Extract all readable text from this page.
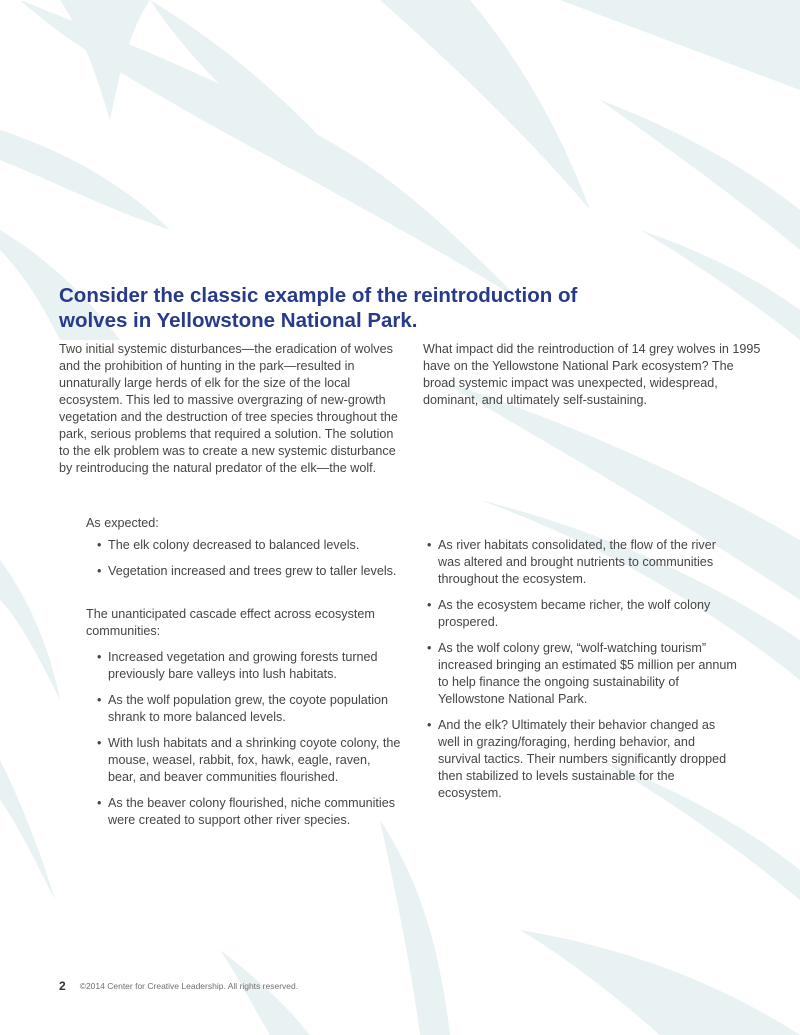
Consider the classic example of the reintroduction of wolves in Yellowstone National Park.

Two initial systemic disturbances—the eradication of wolves and the prohibition of hunting in the park—resulted in unnaturally large herds of elk for the size of the local ecosystem. This led to massive overgrazing of new-growth vegetation and the destruction of tree species throughout the park, serious problems that required a solution. The solution to the elk problem was to create a new systemic disturbance by reintroducing the natural predator of the elk—the wolf.

What impact did the reintroduction of 14 grey wolves in 1995 have on the Yellowstone National Park ecosystem? The broad systemic impact was unexpected, widespread, dominant, and ultimately self-sustaining.

As expected:

• The elk colony decreased to balanced levels.
• Vegetation increased and trees grew to taller levels.

The unanticipated cascade effect across ecosystem communities:

• Increased vegetation and growing forests turned previously bare valleys into lush habitats.
• As the wolf population grew, the coyote population shrank to more balanced levels.
• With lush habitats and a shrinking coyote colony, the mouse, weasel, rabbit, fox, hawk, eagle, raven, bear, and beaver communities flourished.
• As the beaver colony flourished, niche communities were created to support other river species.
• As river habitats consolidated, the flow of the river was altered and brought nutrients to communities throughout the ecosystem.
• As the ecosystem became richer, the wolf colony prospered.
• As the wolf colony grew, “wolf-watching tourism” increased bringing an estimated $5 million per annum to help finance the ongoing sustainability of Yellowstone National Park.
• And the elk? Ultimately their behavior changed as well in grazing/foraging, herding behavior, and survival tactics. Their numbers significantly dropped then stabilized to levels sustainable for the ecosystem.
2 ©2014 Center for Creative Leadership. All rights reserved.
